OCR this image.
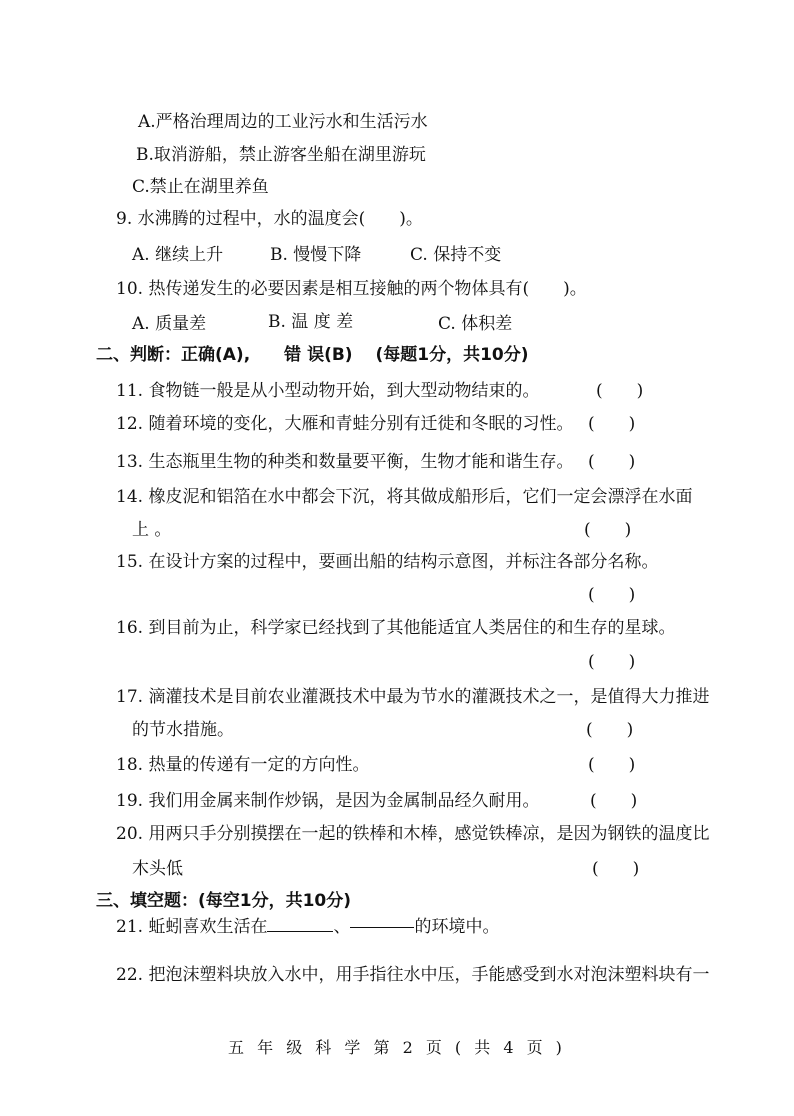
A.严格治理周边的工业污水和生活污水
B.取消游船，禁止游客坐船在湖里游玩
C.禁止在湖里养鱼
9. 水沸腾的过程中，水的温度会(　　)。
A. 继续上升	B. 慢慢下降	C. 保持不变
10. 热传递发生的必要因素是相互接触的两个物体具有(　　)。
A. 质量差	B. 温 度 差	C. 体积差
二、判断：正确(A),　　错 误(B)　 (每题1分，共10分)
11. 食物链一般是从小型动物开始，到大型动物结束的。	(　　)
12. 随着环境的变化，大雁和青蛙分别有迁徙和冬眠的习性。 (　　)
13. 生态瓶里生物的种类和数量要平衡，生物才能和谐生存。 (　　)
14. 橡皮泥和铝箔在水中都会下沉，将其做成船形后，它们一定会漂浮在水面
上 。	(　　)
15. 在设计方案的过程中，要画出船的结构示意图，并标注各部分名称。
(　　)
16. 到目前为止，科学家已经找到了其他能适宜人类居住的和生存的星球。
(　　)
17. 滴灌技术是目前农业灌溉技术中最为节水的灌溉技术之一，是值得大力推进
的节水措施。	(　　)
18. 热量的传递有一定的方向性。	(　　)
19. 我们用金属来制作炒锅，是因为金属制品经久耐用。	(　　)
20. 用两只手分别摸摆在一起的铁棒和木棒，感觉铁棒凉，是因为钢铁的温度比
木头低	(　　)
三、填空题：(每空1分，共10分)
21. 蚯蚓喜欢生活在	、	的环境中。
22. 把泡沫塑料块放入水中，用手指往水中压，手能感受到水对泡沫塑料块有一
五 年 级 科 学 第 2 页 ( 共 4 页 )
